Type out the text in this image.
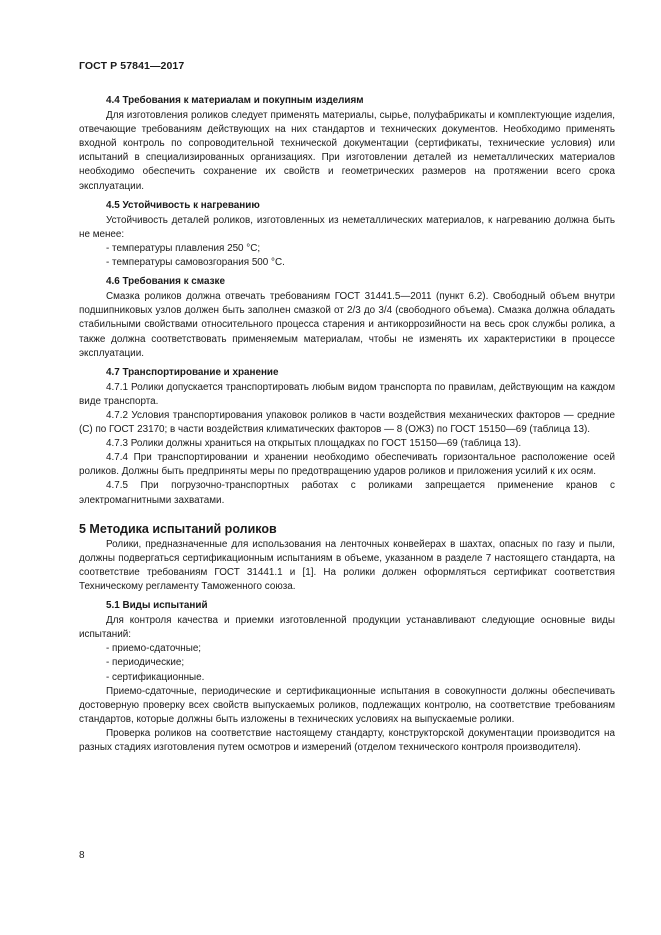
ГОСТ Р 57841—2017
4.4 Требования к материалам и покупным изделиям

Для изготовления роликов следует применять материалы, сырье, полуфабрикаты и комплектующие изделия, отвечающие требованиям действующих на них стандартов и технических документов. Необходимо применять входной контроль по сопроводительной технической документации (сертификаты, технические условия) или испытаний в специализированных организациях. При изготовлении деталей из неметаллических материалов необходимо обеспечить сохранение их свойств и геометрических размеров на протяжении всего срока эксплуатации.

4.5 Устойчивость к нагреванию

Устойчивость деталей роликов, изготовленных из неметаллических материалов, к нагреванию должна быть не менее:

- температуры плавления 250 °С;
- температуры самовозгорания 500 °С.
4.6 Требования к смазке

Смазка роликов должна отвечать требованиям ГОСТ 31441.5—2011 (пункт 6.2). Свободный объем внутри подшипниковых узлов должен быть заполнен смазкой от 2/3 до 3/4 (свободного объема). Смазка должна обладать стабильными свойствами относительного процесса старения и антикоррозийности на весь срок службы ролика, а также должна соответствовать применяемым материалам, чтобы не изменять их характеристики в процессе эксплуатации.

4.7 Транспортирование и хранение

4.7.1 Ролики допускается транспортировать любым видом транспорта по правилам, действующим на каждом виде транспорта.

4.7.2 Условия транспортирования упаковок роликов в части воздействия механических факторов — средние (С) по ГОСТ 23170; в части воздействия климатических факторов — 8 (ОЖЗ) по ГОСТ 15150—69 (таблица 13).

4.7.3 Ролики должны храниться на открытых площадках по ГОСТ 15150—69 (таблица 13).

4.7.4 При транспортировании и хранении необходимо обеспечивать горизонтальное расположение осей роликов. Должны быть предприняты меры по предотвращению ударов роликов и приложения усилий к их осям.

4.7.5 При погрузочно-транспортных работах с роликами запрещается применение кранов с электромагнитными захватами.

5 Методика испытаний роликов

Ролики, предназначенные для использования на ленточных конвейерах в шахтах, опасных по газу и пыли, должны подвергаться сертификационным испытаниям в объеме, указанном в разделе 7 настоящего стандарта, на соответствие требованиям ГОСТ 31441.1 и [1]. На ролики должен оформляться сертификат соответствия Техническому регламенту Таможенного союза.

5.1 Виды испытаний

Для контроля качества и приемки изготовленной продукции устанавливают следующие основные виды испытаний:

- приемо-сдаточные;
- периодические;
- сертификационные.

Приемо-сдаточные, периодические и сертификационные испытания в совокупности должны обеспечивать достоверную проверку всех свойств выпускаемых роликов, подлежащих контролю, на соответствие требованиям стандартов, которые должны быть изложены в технических условиях на выпускаемые ролики.

Проверка роликов на соответствие настоящему стандарту, конструкторской документации производится на разных стадиях изготовления путем осмотров и измерений (отделом технического контроля производителя).

8
